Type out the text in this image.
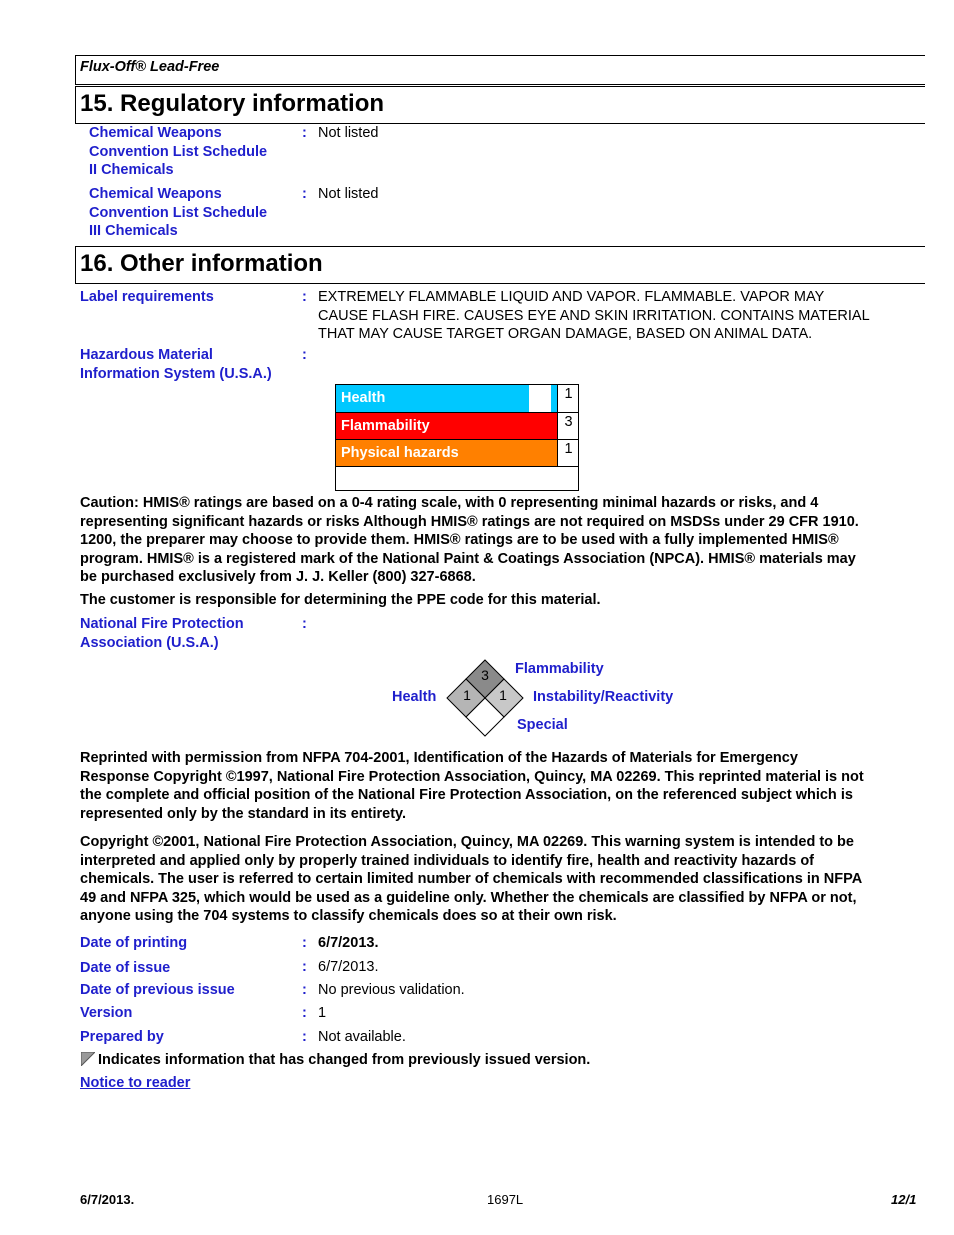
Flux-Off® Lead-Free
15. Regulatory information
Chemical Weapons
Convention List Schedule
II Chemicals
: Not listed
Chemical Weapons
Convention List Schedule
III Chemicals
: Not listed
16. Other information
Label requirements	: EXTREMELY FLAMMABLE LIQUID AND VAPOR. FLAMMABLE. VAPOR MAY
CAUSE FLASH FIRE. CAUSES EYE AND SKIN IRRITATION. CONTAINS MATERIAL
THAT MAY CAUSE TARGET ORGAN DAMAGE, BASED ON ANIMAL DATA.
Hazardous Material
Information System (U.S.A.)
:
Health	1
Flammability	3
Physical hazards	1
Caution: HMIS® ratings are based on a 0-4 rating scale, with 0 representing minimal hazards or risks, and 4
representing significant hazards or risks Although HMIS® ratings are not required on MSDSs under 29 CFR 1910.
1200, the preparer may choose to provide them. HMIS® ratings are to be used with a fully implemented HMIS®
program. HMIS® is a registered mark of the National Paint & Coatings Association (NPCA). HMIS® materials may
be purchased exclusively from J. J. Keller (800) 327-6868.
The customer is responsible for determining the PPE code for this material.
National Fire Protection
Association (U.S.A.)
:
3
1 1
Flammability
Health	Instability/Reactivity
Special
Reprinted with permission from NFPA 704-2001, Identification of the Hazards of Materials for Emergency
Response Copyright ©1997, National Fire Protection Association, Quincy, MA 02269. This reprinted material is not
the complete and official position of the National Fire Protection Association, on the referenced subject which is
represented only by the standard in its entirety.
Copyright ©2001, National Fire Protection Association, Quincy, MA 02269. This warning system is intended to be
interpreted and applied only by properly trained individuals to identify fire, health and reactivity hazards of
chemicals. The user is referred to certain limited number of chemicals with recommended classifications in NFPA
49 and NFPA 325, which would be used as a guideline only. Whether the chemicals are classified by NFPA or not,
anyone using the 704 systems to classify chemicals does so at their own risk.
Date of printing	: 6/7/2013.
Date of issue	: 6/7/2013.
Date of previous issue	: No previous validation.
Version	: 1
Prepared by	: Not available.
Indicates information that has changed from previously issued version.
Notice to reader
6/7/2013.	1697L	12/1
